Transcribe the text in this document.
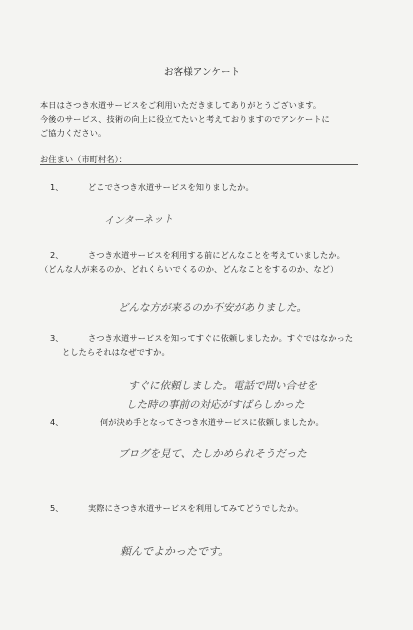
お客様アンケート
本日はさつき水道サービスをご利用いただきましてありがとうございます。
今後のサービス、技術の向上に役立てたいと考えておりますのでアンケートに
ご協力ください。
お住まい（市町村名）：
1、	どこでさつき水道サービスを知りましたか。
インターネット
2、	さつき水道サービスを利用する前にどんなことを考えていましたか。
（どんな人が来るのか、どれくらいでくるのか、どんなことをするのか、など）
どんな方が来るのか不安がありました。
3、	さつき水道サービスを知ってすぐに依頼しましたか。すぐではなかった
としたらそれはなぜですか。
すぐに依頼しました。電話で問い合せを
した時の事前の対応がすばらしかった
4、	何が決め手となってさつき水道サービスに依頼しましたか。
ブログを見て、たしかめられそうだった
5、	実際にさつき水道サービスを利用してみてどうでしたか。
頼んでよかったです。
